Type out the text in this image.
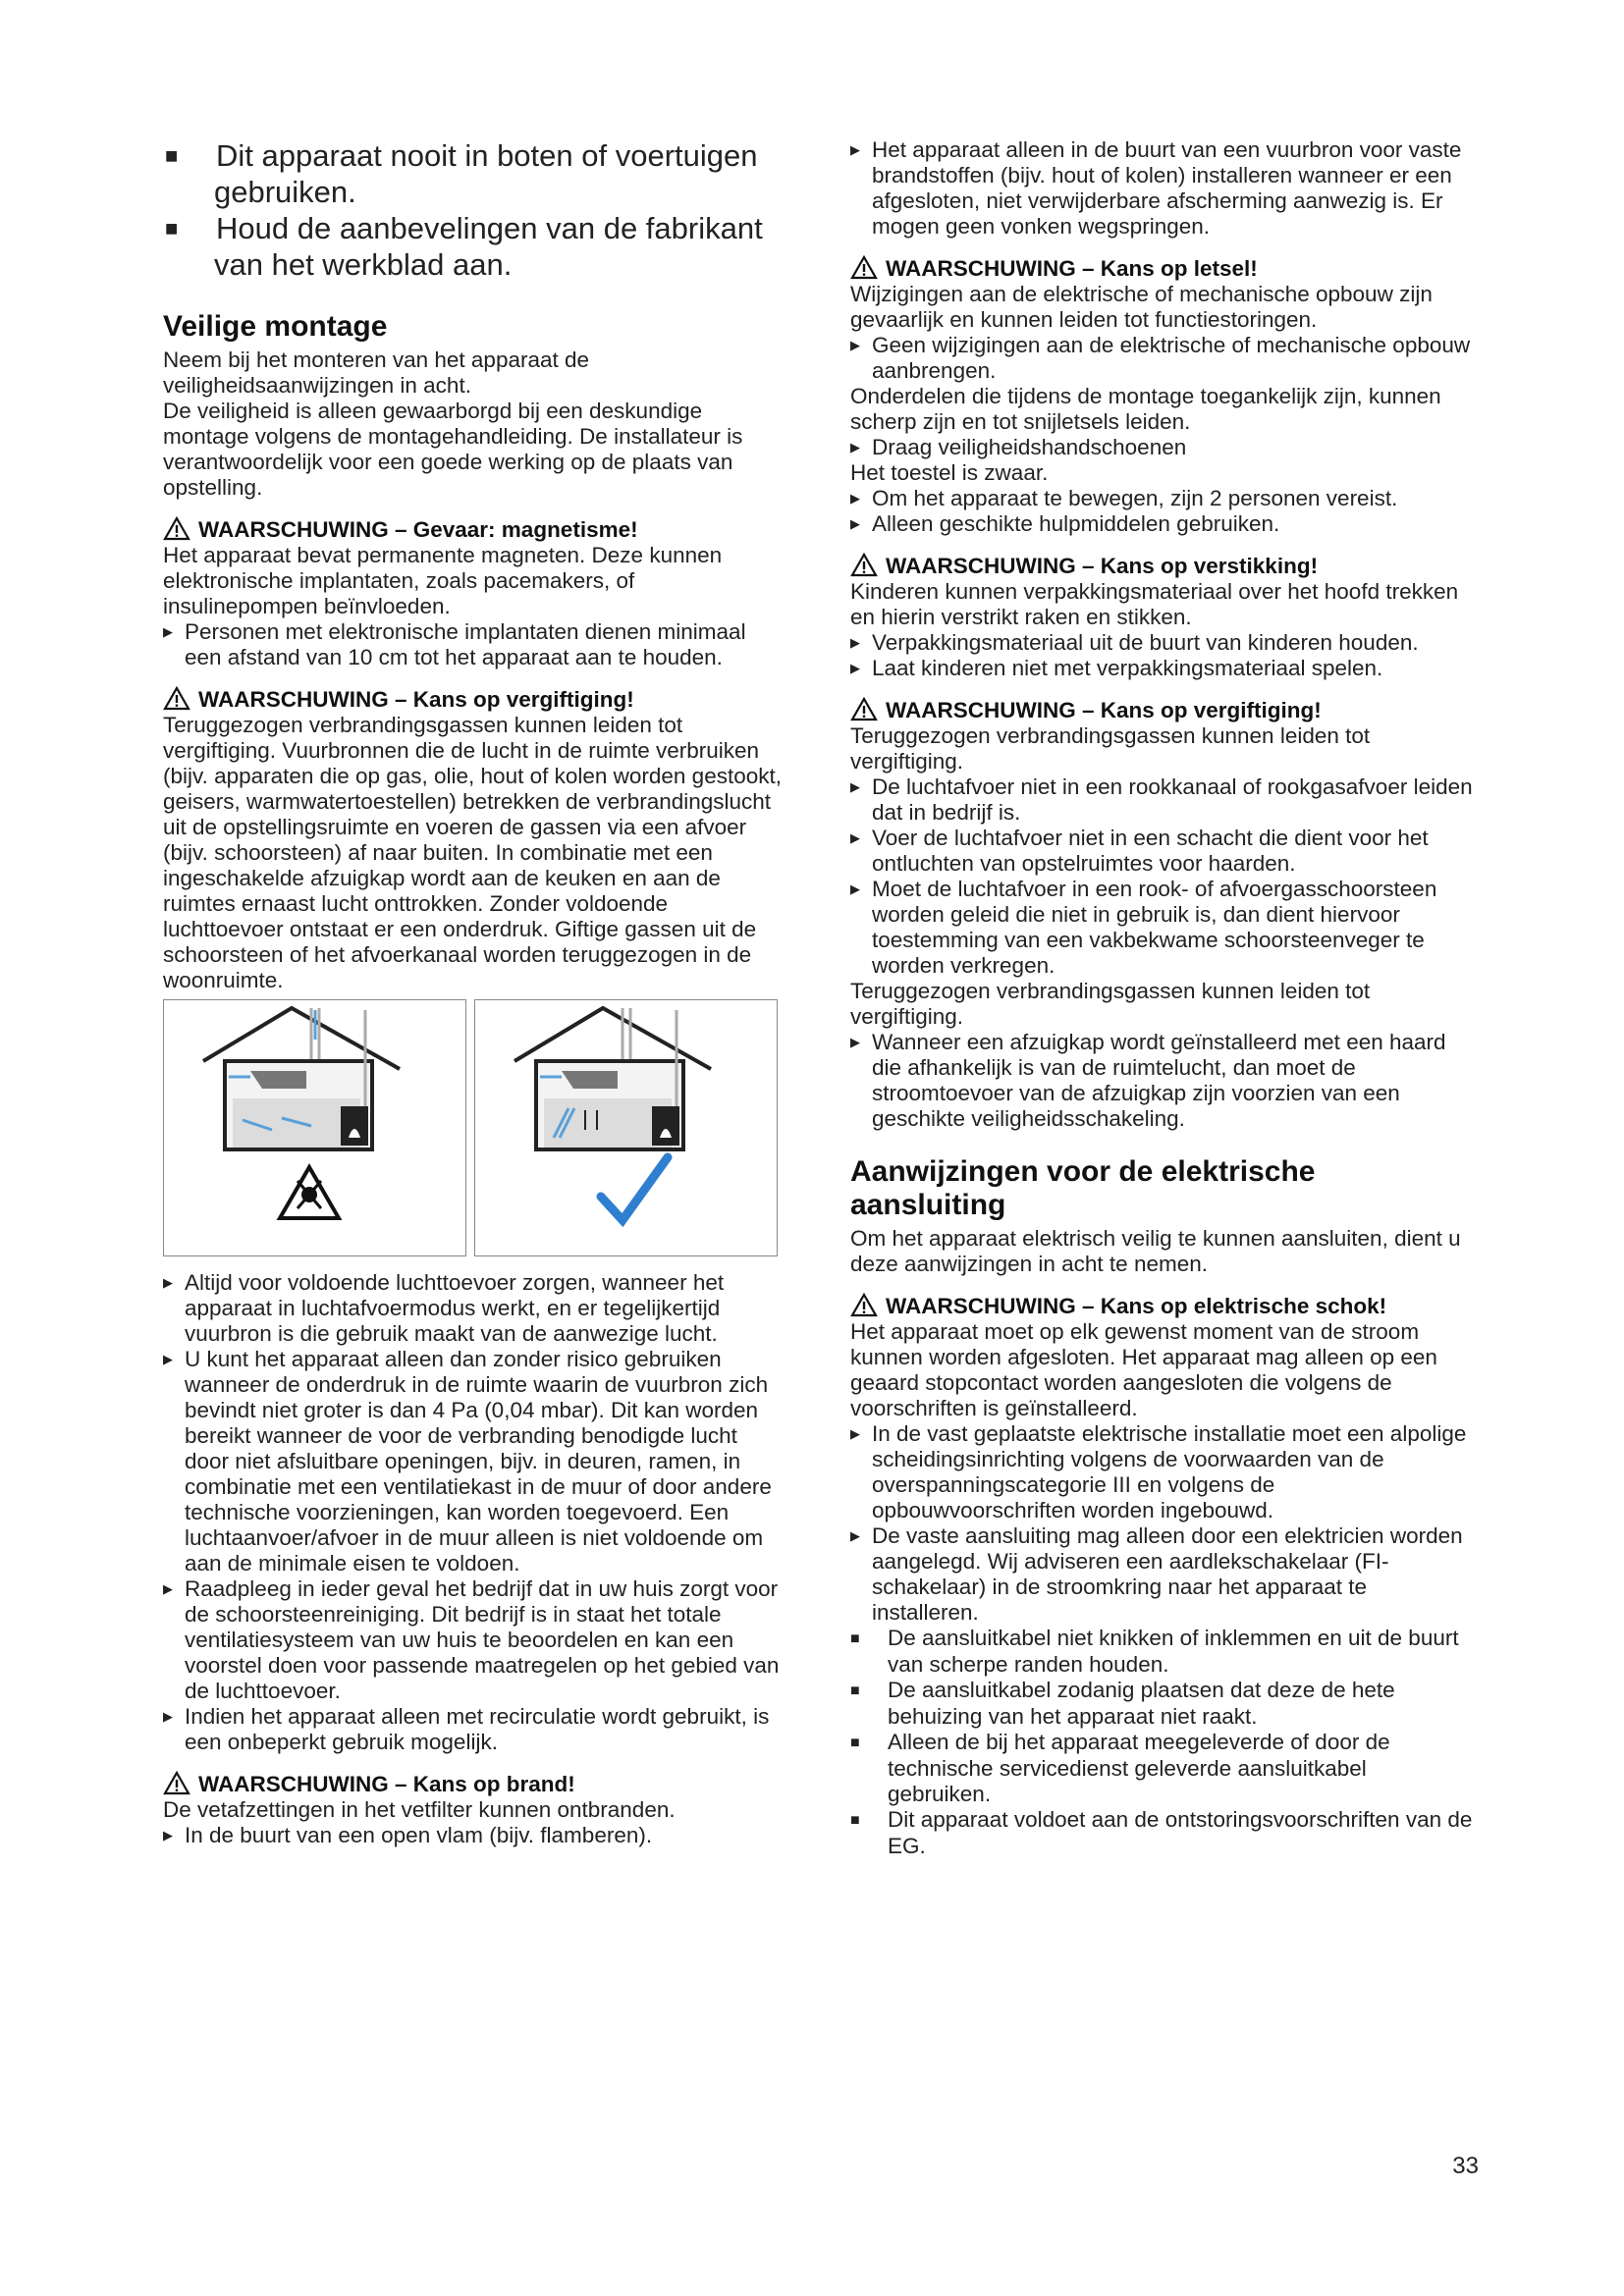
■ Dit apparaat nooit in boten of voertuigen gebruiken.

■ Houd de aanbevelingen van de fabrikant van het werkblad aan.

Veilige montage

Neem bij het monteren van het apparaat de veiligheidsaanwijzingen in acht.

De veiligheid is alleen gewaarborgd bij een deskundige montage volgens de montagehandleiding. De installateur is verantwoordelijk voor een goede werking op de plaats van opstelling.

WAARSCHUWING – Gevaar: magnetisme!

Het apparaat bevat permanente magneten. Deze kunnen elektronische implantaten, zoals pacemakers, of insulinepompen beïnvloeden.

▶ Personen met elektronische implantaten dienen minimaal een afstand van 10 cm tot het apparaat aan te houden.

WAARSCHUWING – Kans op vergiftiging!

Teruggezogen verbrandingsgassen kunnen leiden tot vergiftiging. Vuurbronnen die de lucht in de ruimte verbruiken (bijv. apparaten die op gas, olie, hout of kolen worden gestookt, geisers, warmwatertoestellen) betrekken de verbrandingslucht uit de opstellingsruimte en voeren de gassen via een afvoer (bijv. schoorsteen) af naar buiten. In combinatie met een ingeschakelde afzuigkap wordt aan de keuken en aan de ruimtes ernaast lucht onttrokken. Zonder voldoende luchttoevoer ontstaat er een onderdruk. Giftige gassen uit de schoorsteen of het afvoerkanaal worden teruggezogen in de woonruimte.

▶ Altijd voor voldoende luchttoevoer zorgen, wanneer het apparaat in luchtafvoermodus werkt, en er tegelijkertijd vuurbron is die gebruik maakt van de aanwezige lucht.

▶ U kunt het apparaat alleen dan zonder risico gebruiken wanneer de onderdruk in de ruimte waarin de vuurbron zich bevindt niet groter is dan 4 Pa (0,04 mbar). Dit kan worden bereikt wanneer de voor de verbranding benodigde lucht door niet afsluitbare openingen, bijv. in deuren, ramen, in combinatie met een ventilatiekast in de muur of door andere technische voorzieningen, kan worden toegevoerd. Een luchtaanvoer/afvoer in de muur alleen is niet voldoende om aan de minimale eisen te voldoen.

▶ Raadpleeg in ieder geval het bedrijf dat in uw huis zorgt voor de schoorsteenreiniging. Dit bedrijf is in staat het totale ventilatiesysteem van uw huis te beoordelen en kan een voorstel doen voor passende maatregelen op het gebied van de luchttoevoer.

▶ Indien het apparaat alleen met recirculatie wordt gebruikt, is een onbeperkt gebruik mogelijk.

WAARSCHUWING – Kans op brand!

De vetafzettingen in het vetfilter kunnen ontbranden.

▶ In de buurt van een open vlam (bijv. flamberen).

▶ Het apparaat alleen in de buurt van een vuurbron voor vaste brandstoffen (bijv. hout of kolen) installeren wanneer er een afgesloten, niet verwijderbare afscherming aanwezig is. Er mogen geen vonken wegspringen.

WAARSCHUWING – Kans op letsel!

Wijzigingen aan de elektrische of mechanische opbouw zijn gevaarlijk en kunnen leiden tot functiestoringen.

▶ Geen wijzigingen aan de elektrische of mechanische opbouw aanbrengen.

Onderdelen die tijdens de montage toegankelijk zijn, kunnen scherp zijn en tot snijletsels leiden.

▶ Draag veiligheidshandschoenen

Het toestel is zwaar.

▶ Om het apparaat te bewegen, zijn 2 personen vereist.

▶ Alleen geschikte hulpmiddelen gebruiken.

WAARSCHUWING – Kans op verstikking!

Kinderen kunnen verpakkingsmateriaal over het hoofd trekken en hierin verstrikt raken en stikken.

▶ Verpakkingsmateriaal uit de buurt van kinderen houden.

▶ Laat kinderen niet met verpakkingsmateriaal spelen.

WAARSCHUWING – Kans op vergiftiging!

Teruggezogen verbrandingsgassen kunnen leiden tot vergiftiging.

▶ De luchtafvoer niet in een rookkanaal of rookgasafvoer leiden dat in bedrijf is.

▶ Voer de luchtafvoer niet in een schacht die dient voor het ontluchten van opstelruimtes voor haarden.

▶ Moet de luchtafvoer in een rook- of afvoergasschoorsteen worden geleid die niet in gebruik is, dan dient hiervoor toestemming van een vakbekwame schoorsteenveger te worden verkregen.

Teruggezogen verbrandingsgassen kunnen leiden tot vergiftiging.

▶ Wanneer een afzuigkap wordt geïnstalleerd met een haard die afhankelijk is van de ruimtelucht, dan moet de stroomtoevoer van de afzuigkap zijn voorzien van een geschikte veiligheidsschakeling.

Aanwijzingen voor de elektrische aansluiting

Om het apparaat elektrisch veilig te kunnen aansluiten, dient u deze aanwijzingen in acht te nemen.

WAARSCHUWING – Kans op elektrische schok!

Het apparaat moet op elk gewenst moment van de stroom kunnen worden afgesloten. Het apparaat mag alleen op een geaard stopcontact worden aangesloten die volgens de voorschriften is geïnstalleerd.

▶ In de vast geplaatste elektrische installatie moet een alpolige scheidingsinrichting volgens de voorwaarden van de overspanningscategorie III en volgens de opbouwvoorschriften worden ingebouwd.

▶ De vaste aansluiting mag alleen door een elektricien worden aangelegd. Wij adviseren een aardlekschakelaar (FI-schakelaar) in de stroomkring naar het apparaat te installeren.

■ De aansluitkabel niet knikken of inklemmen en uit de buurt van scherpe randen houden.

■ De aansluitkabel zodanig plaatsen dat deze de hete behuizing van het apparaat niet raakt.

■ Alleen de bij het apparaat meegeleverde of door de technische servicedienst geleverde aansluitkabel gebruiken.

■ Dit apparaat voldoet aan de ontstoringsvoorschriften van de EG.

33
